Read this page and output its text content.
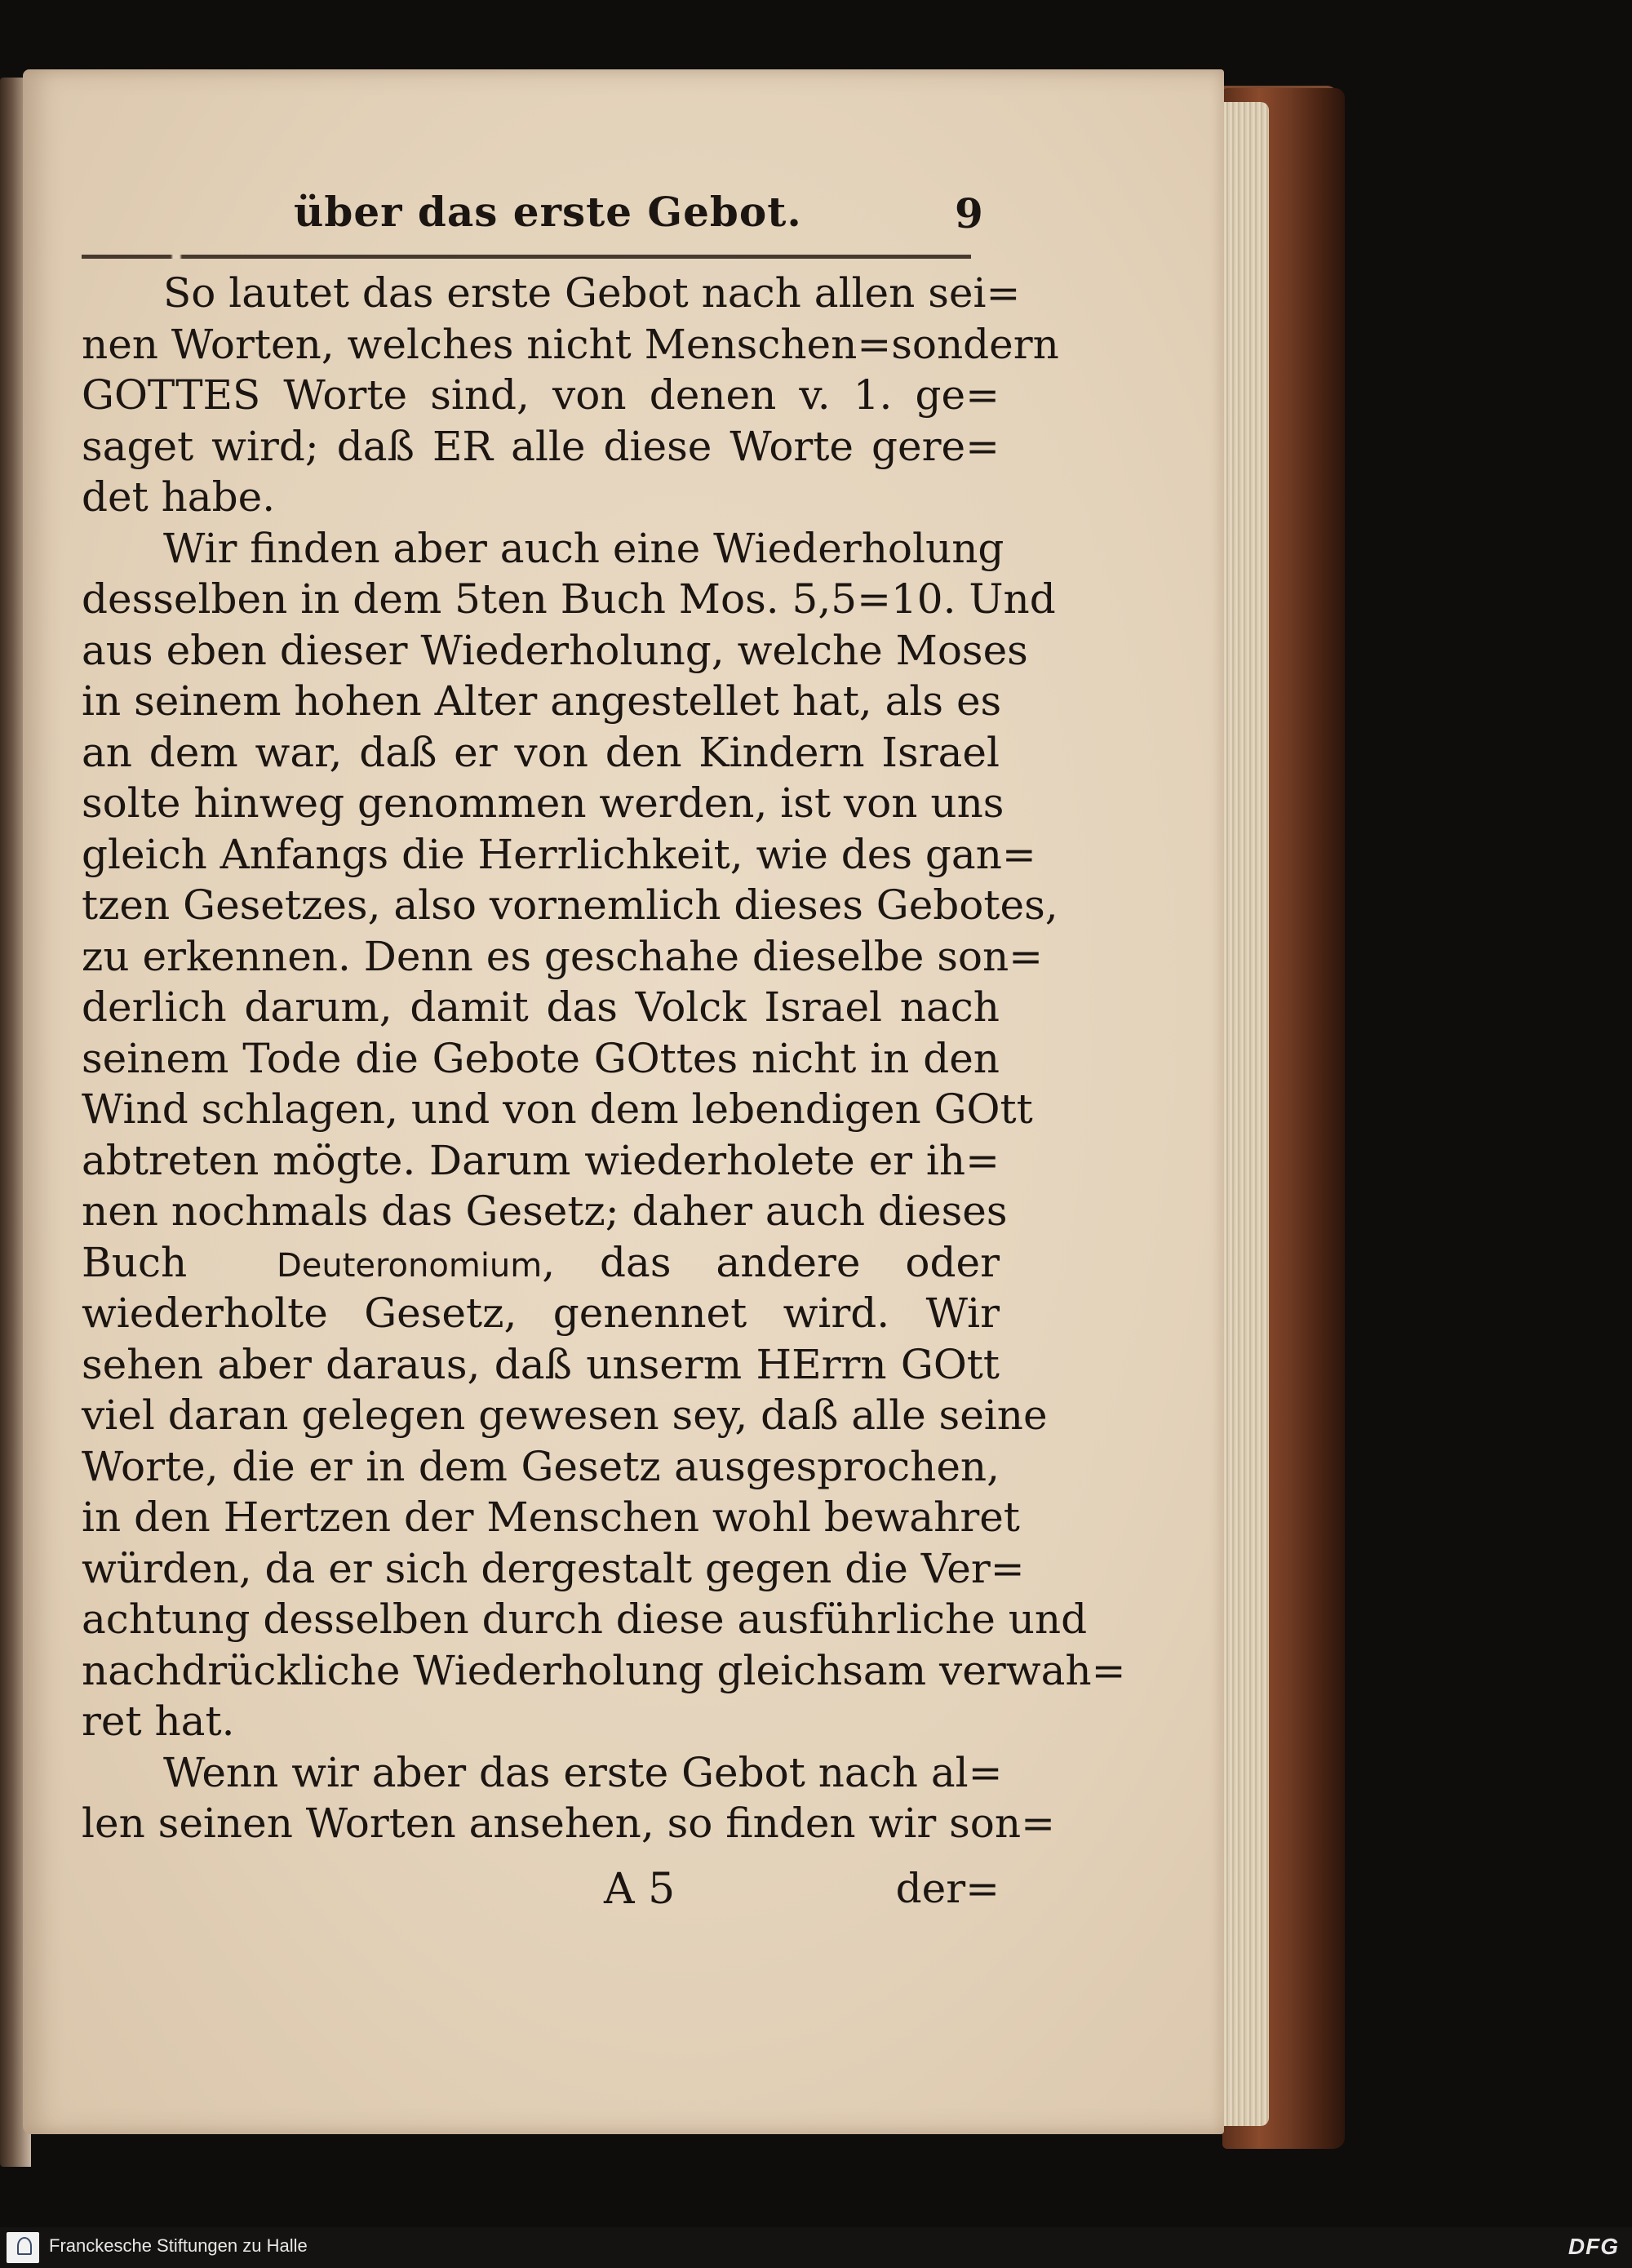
über das erste Gebot.	9
So lautet das erste Gebot nach allen sei=
nen Worten, welches nicht Menschen=sondern
GOTTES Worte sind, von denen v. 1. ge=
saget wird; daß ER alle diese Worte gere=
det habe.
Wir finden aber auch eine Wiederholung
desselben in dem 5ten Buch Mos. 5,5=10. Und
aus eben dieser Wiederholung, welche Moses
in seinem hohen Alter angestellet hat, als es
an dem war, daß er von den Kindern Israel
solte hinweg genommen werden, ist von uns
gleich Anfangs die Herrlichkeit, wie des gan=
tzen Gesetzes, also vornemlich dieses Gebotes,
zu erkennen. Denn es geschahe dieselbe son=
derlich darum, damit das Volck Israel nach
seinem Tode die Gebote GOttes nicht in den
Wind schlagen, und von dem lebendigen GOtt
abtreten mögte. Darum wiederholete er ih=
nen nochmals das Gesetz; daher auch dieses
Buch	Deuteronomium, das andere oder
wiederholte Gesetz, genennet wird. Wir
sehen aber daraus, daß unserm HErrn GOtt
viel daran gelegen gewesen sey, daß alle seine
Worte, die er in dem Gesetz ausgesprochen,
in den Hertzen der Menschen wohl bewahret
würden, da er sich dergestalt gegen die Ver=
achtung desselben durch diese ausführliche und
nachdrückliche Wiederholung gleichsam verwah=
ret hat.
Wenn wir aber das erste Gebot nach al=
len seinen Worten ansehen, so finden wir son=
A 5	der=
Franckesche Stiftungen zu Halle	DFG
